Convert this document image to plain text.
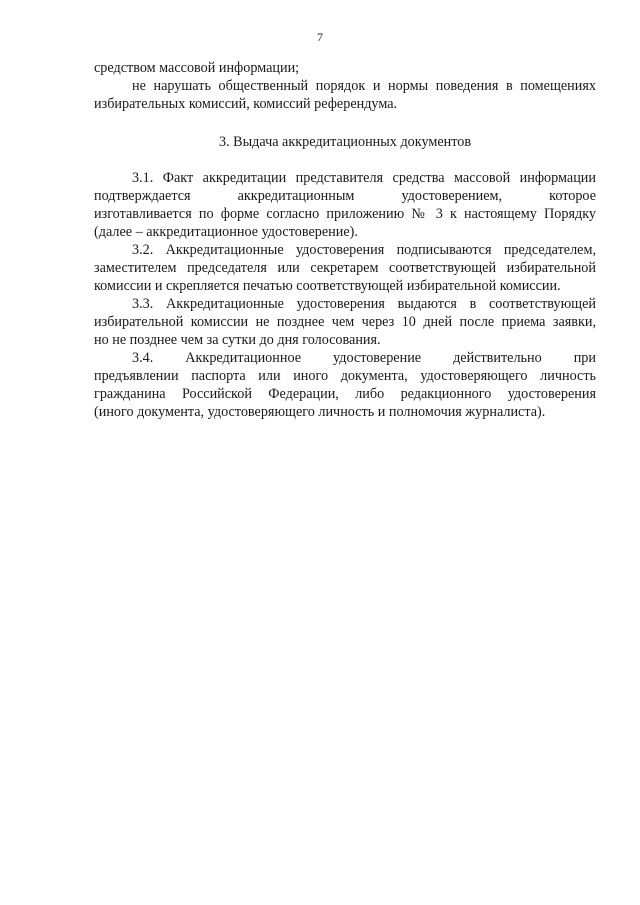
7
средством массовой информации;
не нарушать общественный порядок и нормы поведения в помещениях
избирательных комиссий, комиссий референдума.
3. Выдача аккредитационных документов
3.1. Факт аккредитации представителя средства массовой информации
подтверждается аккредитационным удостоверением, которое
изготавливается по форме согласно приложению № 3 к настоящему Порядку
(далее – аккредитационное удостоверение).
3.2. Аккредитационные удостоверения подписываются председателем,
заместителем председателя или секретарем соответствующей избирательной
комиссии и скрепляется печатью соответствующей избирательной комиссии.
3.3. Аккредитационные удостоверения выдаются в соответствующей
избирательной комиссии не позднее чем через 10 дней после приема заявки,
но не позднее чем за сутки до дня голосования.
3.4. Аккредитационное удостоверение действительно при
предъявлении паспорта или иного документа, удостоверяющего личность
гражданина Российской Федерации, либо редакционного удостоверения
(иного документа, удостоверяющего личность и полномочия журналиста).
